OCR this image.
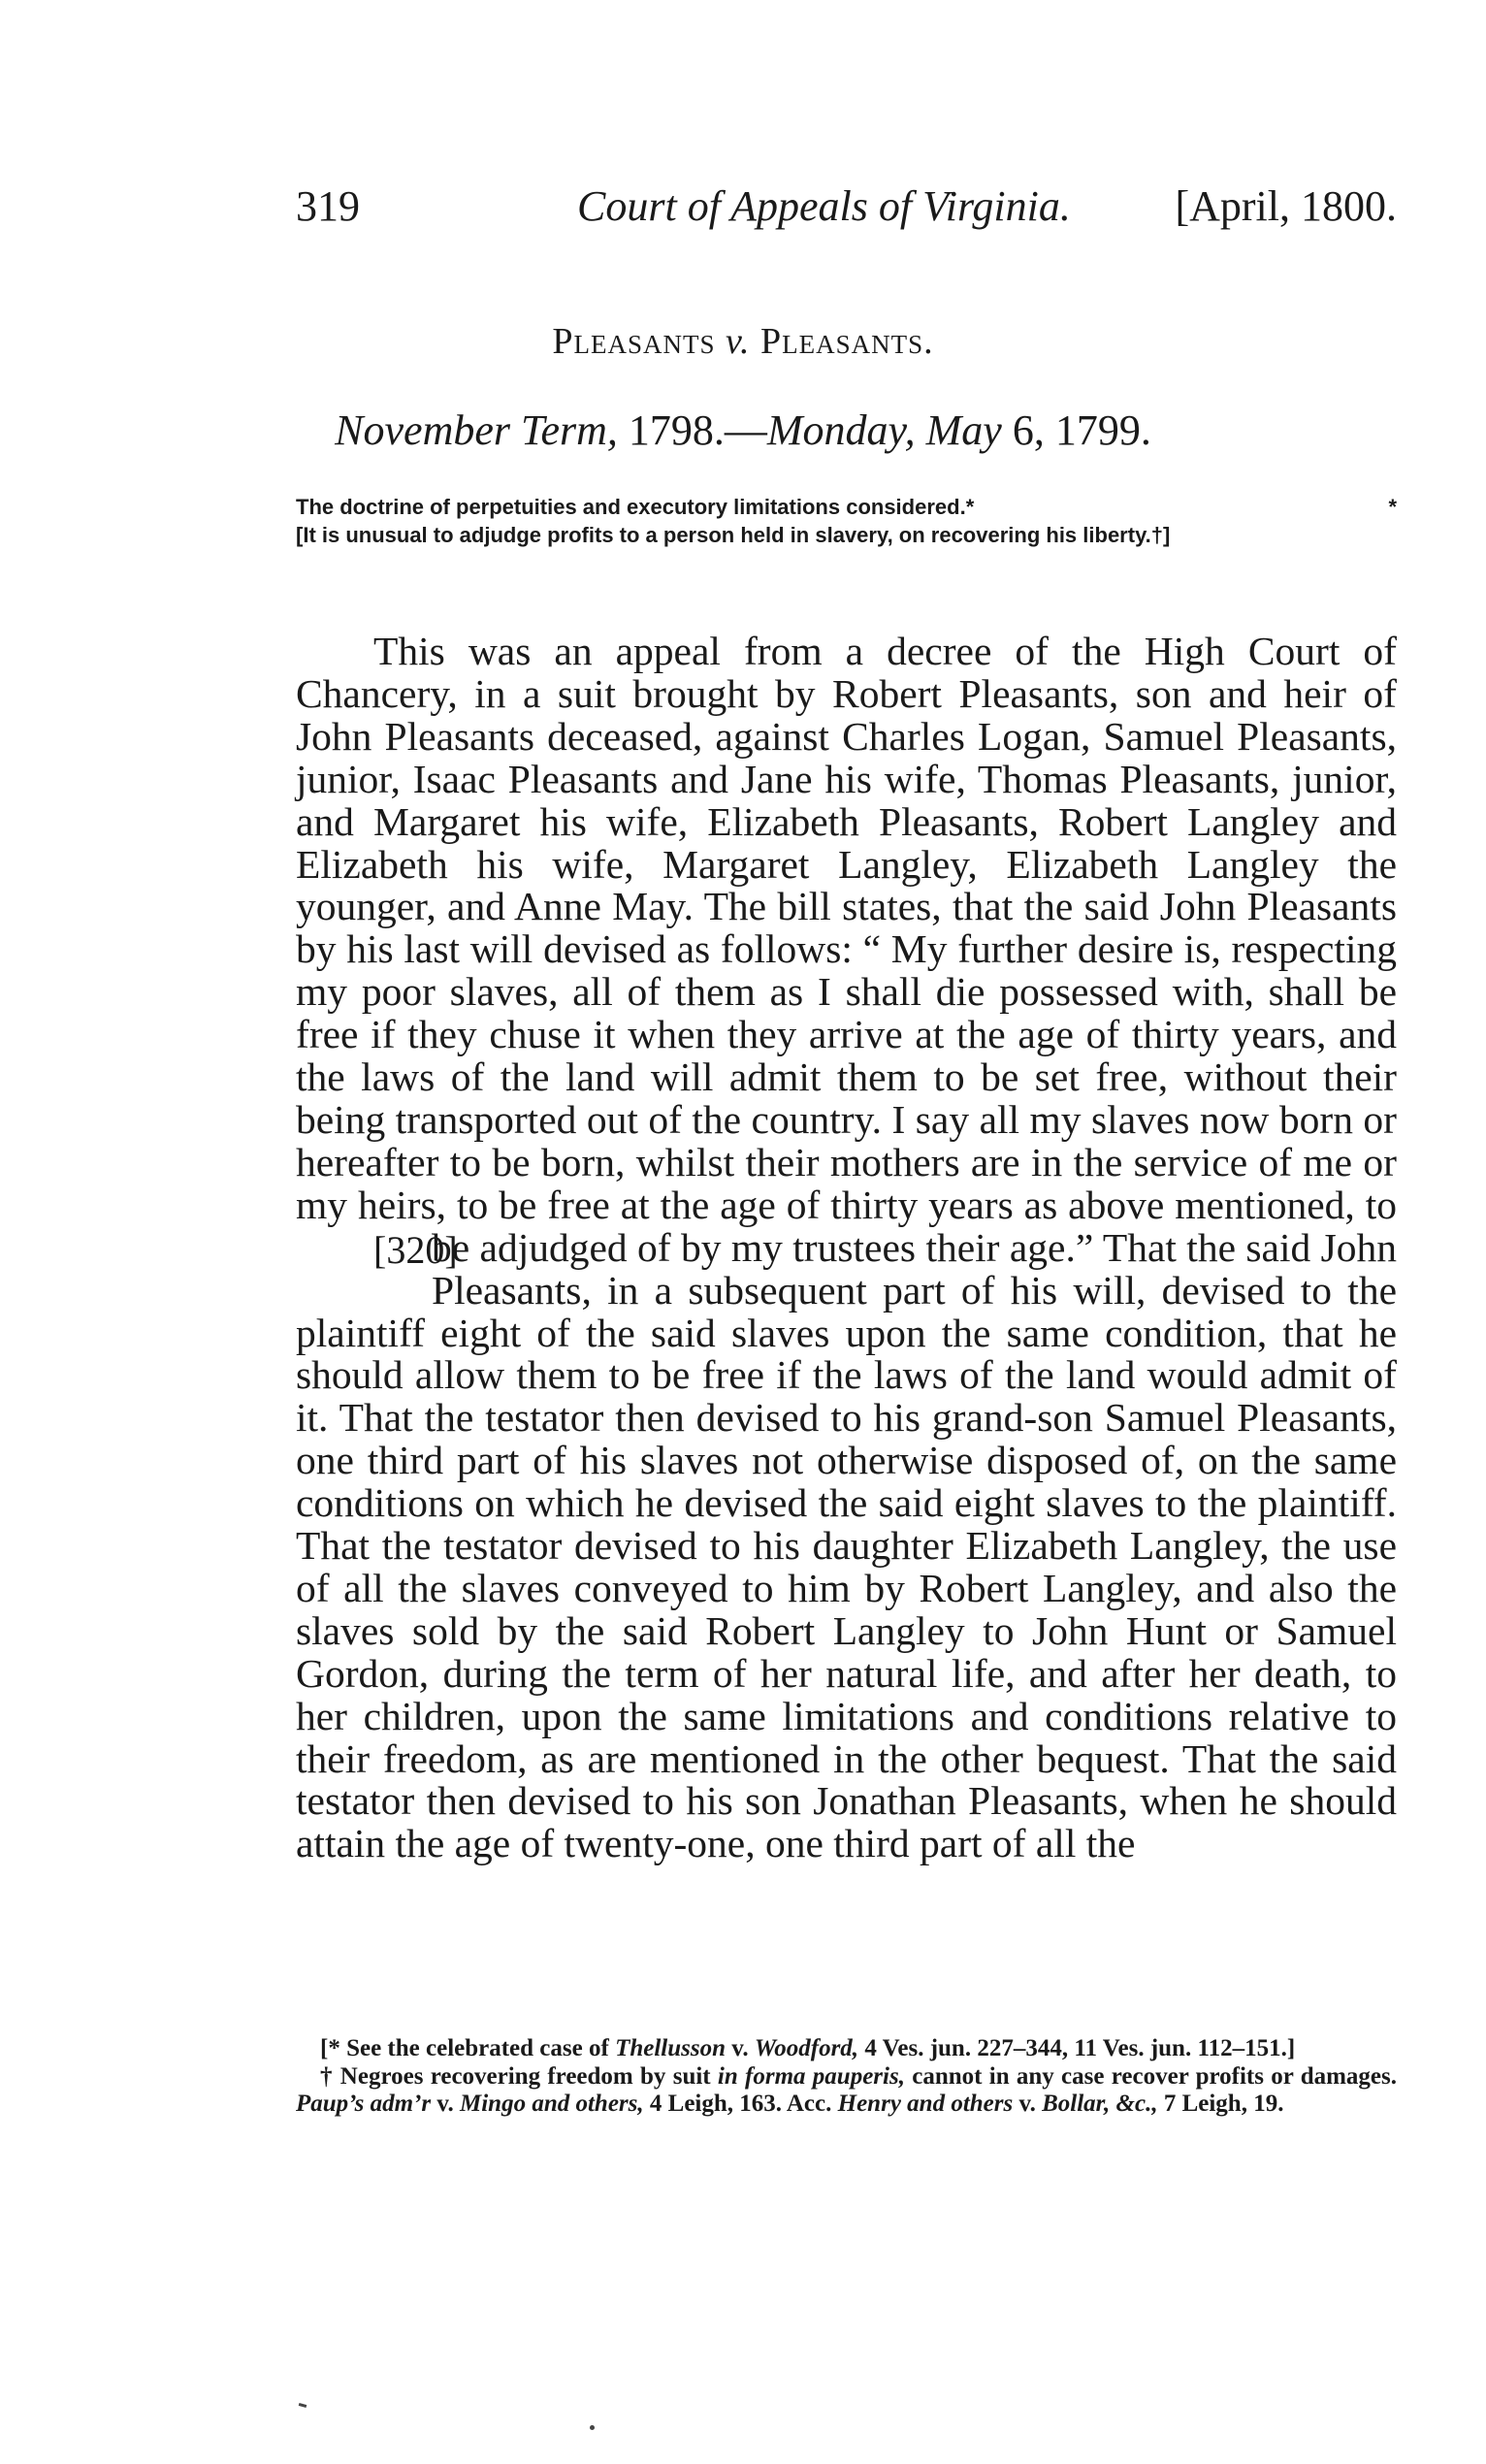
319	Court of Appeals of Virginia. [April, 1800.
Pleasants v. Pleasants.
November Term, 1798.—Monday, May 6, 1799.

The doctrine of perpetuities and executory limitations considered.*	*

[It is unusual to adjudge profits to a person held in slavery, on recovering his liberty.†]

This was an appeal from a decree of the High Court of Chancery, in a suit brought by Robert Pleasants, son and heir of John Pleasants deceased, against Charles Logan, Samuel Pleasants, junior, Isaac Pleasants and Jane his wife, Thomas Pleasants, junior, and Margaret his wife, Elizabeth Pleasants, Robert Langley and Elizabeth his wife, Margaret Langley, Elizabeth Langley the younger, and Anne May. The bill states, that the said John Pleasants by his last will devised as follows: “ My further desire is, respecting my poor slaves, all of them as I shall die possessed with, shall be free if they chuse it when they arrive at the age of thirty years, and the laws of the land will admit them to be set free, without their being transported out of the country. I say all my slaves now born or hereafter to be born, whilst their mothers are in the service of me or my heirs, to be free at the age of thirty years as above mentioned, to be adjudged of by my trustees
[320]	their age.” That the said John Pleasants, in a subsequent part of his will, devised to the plaintiff eight of the said slaves upon the same condition, that he should allow them to be free if the laws of the land would admit of it. That the testator then devised to his grand-son Samuel Pleasants, one third part of his slaves not otherwise disposed of, on the same conditions on which he devised the said eight slaves to the plaintiff. That the testator devised to his daughter Elizabeth Langley, the use of all the slaves conveyed to him by Robert Langley, and also the slaves sold by the said Robert Langley to John Hunt or Samuel Gordon, during the term of her natural life, and after her death, to her children, upon the same limitations and conditions relative to their freedom, as are mentioned in the other bequest. That the said testator then devised to his son Jonathan Pleasants, when he should attain the age of twenty-one, one third part of all the

[* See the celebrated case of Thellusson v. Woodford, 4 Ves. jun. 227–344, 11 Ves. jun. 112–151.]

† Negroes recovering freedom by suit in forma pauperis, cannot in any case recover profits or damages. Paup’s adm’r v. Mingo and others, 4 Leigh, 163. Acc. Henry and others v. Bollar, &c., 7 Leigh, 19.
